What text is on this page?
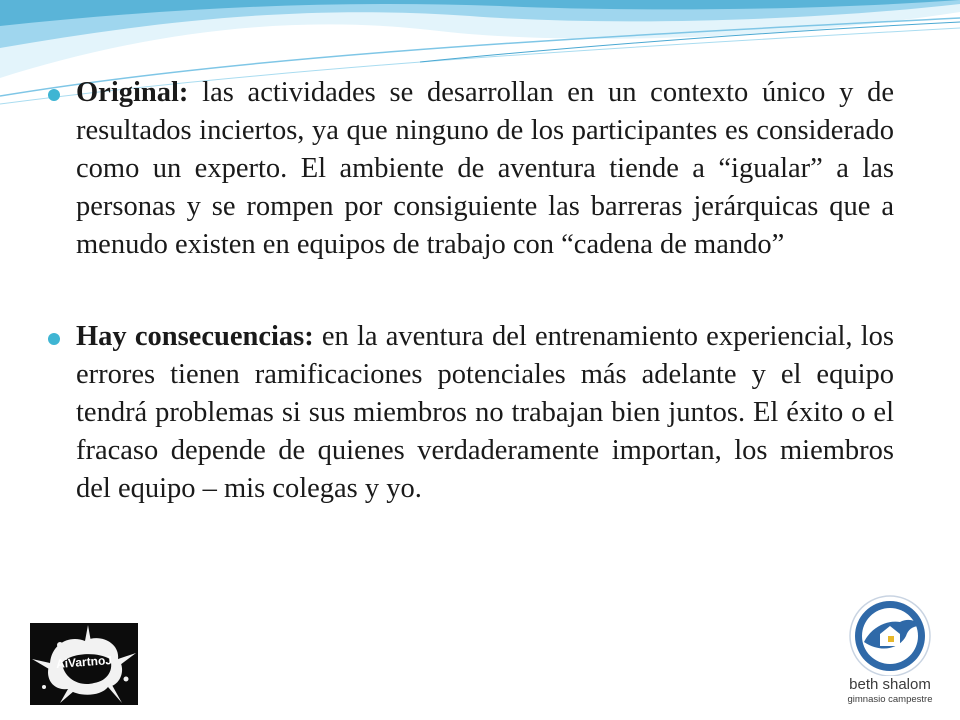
Original: las actividades se desarrollan en un contexto único y de resultados inciertos, ya que ninguno de los participantes es considerado como un experto. El ambiente de aventura tiende a “igualar” a las personas y se rompen por consiguiente las barreras jerárquicas que a menudo existen en equipos de trabajo con “cadena de mando”

Hay consecuencias: en la aventura del entrenamiento experiencial, los errores tienen ramificaciones potenciales más adelante y el equipo tendrá problemas si sus miembros no trabajan bien juntos. El éxito o el fracaso depende de quienes verdaderamente importan, los miembros del equipo – mis colegas y yo.

AiVartnoJ
beth shalom
gimnasio campestre
